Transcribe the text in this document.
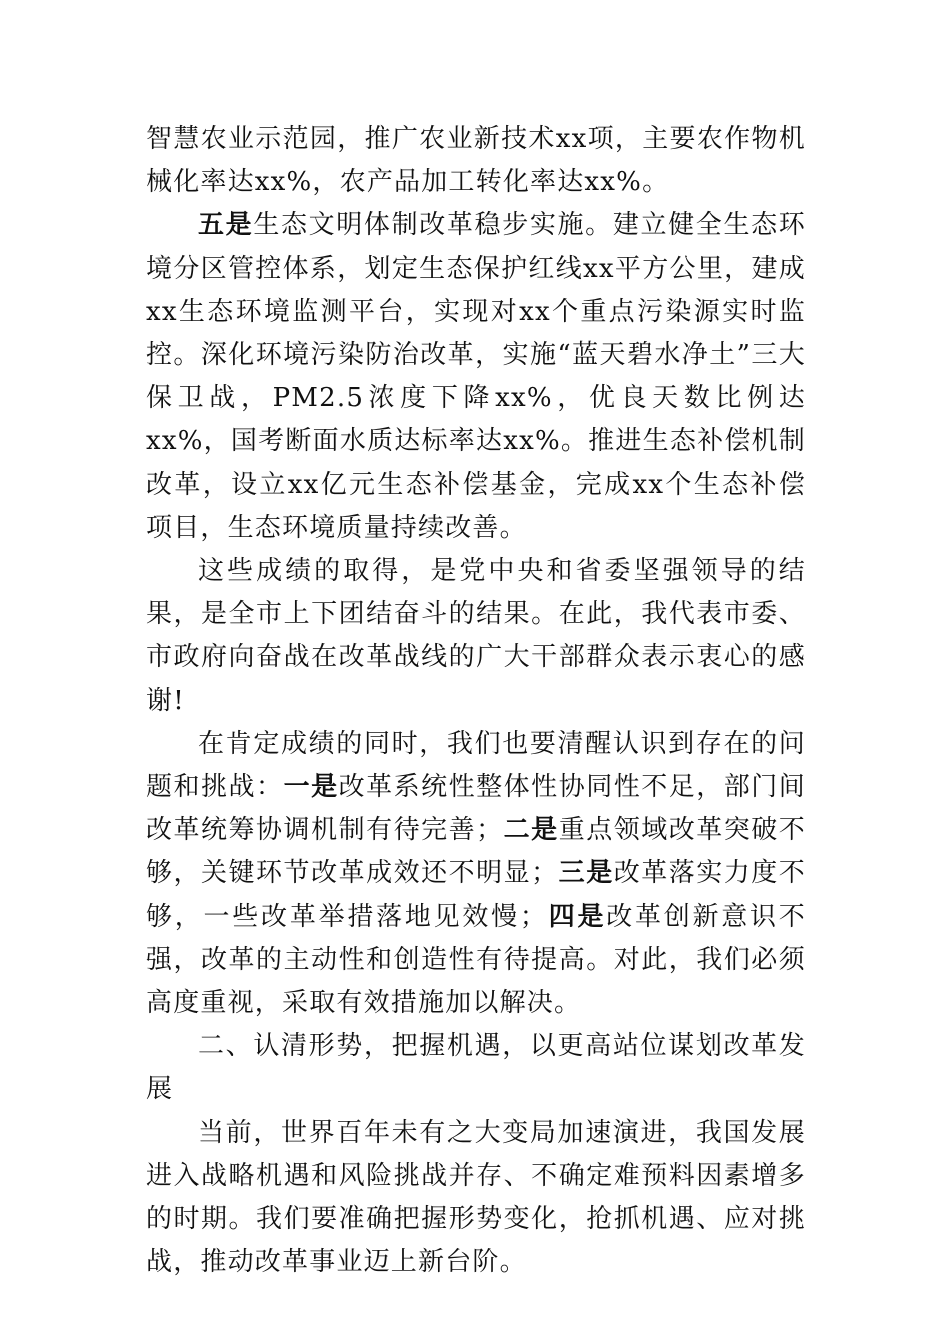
智慧农业示范园，推广农业新技术xx项，主要农作物机械化率达xx%，农产品加工转化率达xx%。

五是生态文明体制改革稳步实施。建立健全生态环境分区管控体系，划定生态保护红线xx平方公里，建成xx生态环境监测平台，实现对xx个重点污染源实时监控。深化环境污染防治改革，实施“蓝天碧水净土”三大保卫战，PM2.5浓度下降xx%，优良天数比例达xx%，国考断面水质达标率达xx%。推进生态补偿机制改革，设立xx亿元生态补偿基金，完成xx个生态补偿项目，生态环境质量持续改善。

这些成绩的取得，是党中央和省委坚强领导的结果，是全市上下团结奋斗的结果。在此，我代表市委、市政府向奋战在改革战线的广大干部群众表示衷心的感谢!

在肯定成绩的同时，我们也要清醒认识到存在的问题和挑战：一是改革系统性整体性协同性不足，部门间改革统筹协调机制有待完善；二是重点领域改革突破不够，关键环节改革成效还不明显；三是改革落实力度不够，一些改革举措落地见效慢；四是改革创新意识不强，改革的主动性和创造性有待提高。对此，我们必须高度重视，采取有效措施加以解决。

二、认清形势，把握机遇，以更高站位谋划改革发展

当前，世界百年未有之大变局加速演进，我国发展进入战略机遇和风险挑战并存、不确定难预料因素增多的时期。我们要准确把握形势变化，抢抓机遇、应对挑战，推动改革事业迈上新台阶。
